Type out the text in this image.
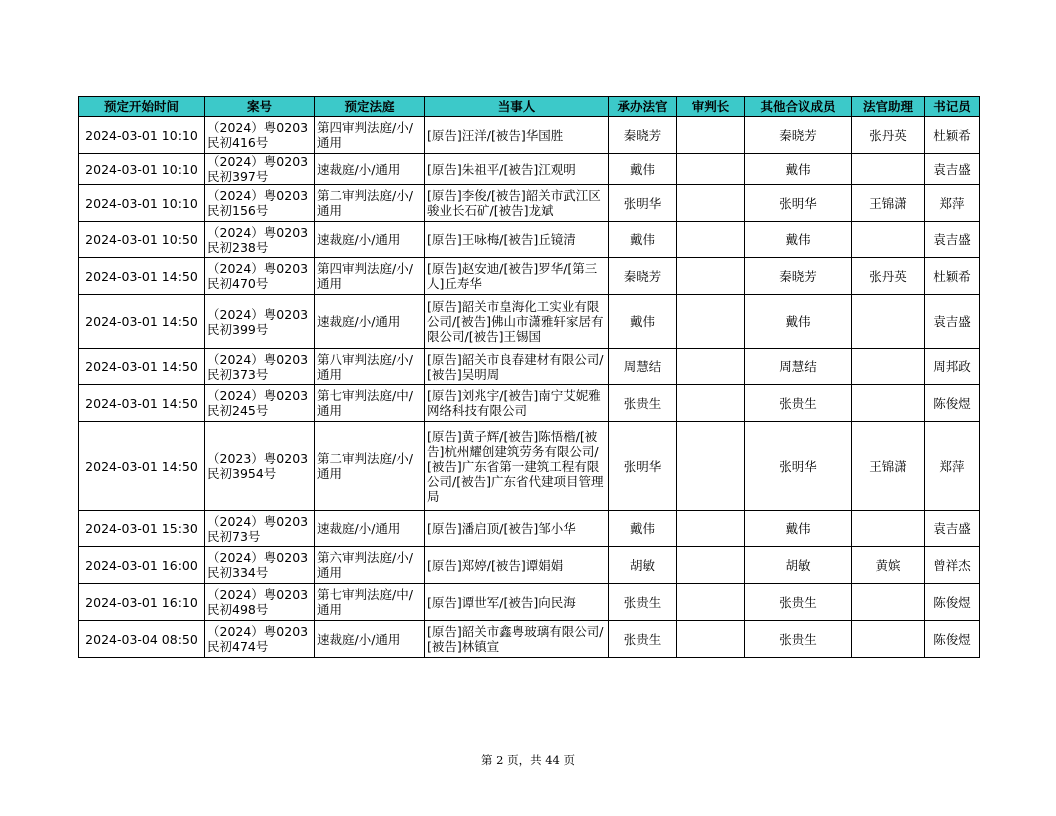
预定开始时间	案号	预定法庭	当事人	承办法官	审判长	其他合议成员	法官助理	书记员
2024-03-01 10:10	（2024）粤0203民初416号	第四审判法庭/小/通用	[原告]汪洋/[被告]华国胜	秦晓芳		秦晓芳	张丹英	杜颖希
2024-03-01 10:10	（2024）粤0203民初397号	速裁庭/小/通用	[原告]朱祖平/[被告]江观明	戴伟		戴伟		袁吉盛
2024-03-01 10:10	（2024）粤0203民初156号	第二审判法庭/小/通用	[原告]李俊/[被告]韶关市武江区骏业长石矿/[被告]龙斌	张明华		张明华	王锦潇	郑萍
2024-03-01 10:50	（2024）粤0203民初238号	速裁庭/小/通用	[原告]王咏梅/[被告]丘镜清	戴伟		戴伟		袁吉盛
2024-03-01 14:50	（2024）粤0203民初470号	第四审判法庭/小/通用	[原告]赵安迪/[被告]罗华/[第三人]丘寿华	秦晓芳		秦晓芳	张丹英	杜颖希
2024-03-01 14:50	（2024）粤0203民初399号	速裁庭/小/通用	[原告]韶关市皇海化工实业有限公司/[被告]佛山市潇雅轩家居有限公司/[被告]王锡国	戴伟		戴伟		袁吉盛
2024-03-01 14:50	（2024）粤0203民初373号	第八审判法庭/小/通用	[原告]韶关市良春建材有限公司/[被告]吴明周	周慧结		周慧结		周邦政
2024-03-01 14:50	（2024）粤0203民初245号	第七审判法庭/中/通用	[原告]刘兆宇/[被告]南宁艾妮雅网络科技有限公司	张贵生		张贵生		陈俊煜
2024-03-01 14:50	（2023）粤0203民初3954号	第二审判法庭/小/通用	[原告]黄子辉/[被告]陈悟楷/[被告]杭州耀创建筑劳务有限公司/[被告]广东省第一建筑工程有限公司/[被告]广东省代建项目管理局	张明华		张明华	王锦潇	郑萍
2024-03-01 15:30	（2024）粤0203民初73号	速裁庭/小/通用	[原告]潘启顶/[被告]邹小华	戴伟		戴伟		袁吉盛
2024-03-01 16:00	（2024）粤0203民初334号	第六审判法庭/小/通用	[原告]郑婷/[被告]谭娟娟	胡敏		胡敏	黄嫔	曾祥杰
2024-03-01 16:10	（2024）粤0203民初498号	第七审判法庭/中/通用	[原告]谭世军/[被告]向民海	张贵生		张贵生		陈俊煜
2024-03-04 08:50	（2024）粤0203民初474号	速裁庭/小/通用	[原告]韶关市鑫粤玻璃有限公司/[被告]林镇宣	张贵生		张贵生		陈俊煜
第 2 页，共 44 页
